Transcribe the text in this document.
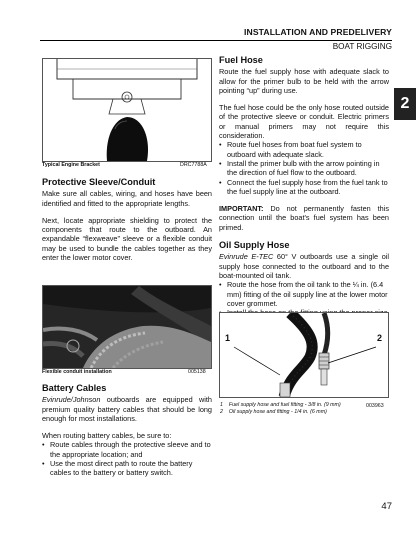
INSTALLATION AND PREDELIVERY
BOAT RIGGING
2
Typical Engine Bracket	DRC7788A
Protective Sleeve/Conduit

Make sure all cables, wiring, and hoses have been identified and fitted to the appropriate lengths.

Next, locate appropriate shielding to protect the components that route to the outboard. An expandable “flexweave” sleeve or a flexible conduit may be used to bundle the cables together as they enter the lower motor cover.

Flexible conduit installation	005138
Battery Cables

Evinrude/Johnson outboards are equipped with premium quality battery cables that should be long enough for most installations.

When routing battery cables, be sure to:

• Route cables through the protective sleeve and to the appropriate location; and
• Use the most direct path to route the battery cables to the battery or battery switch.
Fuel Hose

Route the fuel supply hose with adequate slack to allow for the primer bulb to be held with the arrow pointing “up” during use.

The fuel hose could be the only hose routed outside of the protective sleeve or conduit. Electric primers or manual primers may not require this consideration.

• Route fuel hoses from boat fuel system to outboard with adequate slack.
• Install the primer bulb with the arrow pointing in the direction of fuel flow to the outboard.
• Connect the fuel supply hose from the fuel tank to the fuel supply line at the outboard.

IMPORTANT: Do not permanently fasten this connection until the boat's fuel system has been primed.

Oil Supply Hose

Evinrude E-TEC 60° V outboards use a single oil supply hose connected to the outboard and to the boat-mounted oil tank.

• Route the hose from the oil tank to the ¼ in. (6.4 mm) fitting of the oil supply line at the lower motor cover grommet.
•
1	2
003963
1    Fuel supply hose and fuel fitting - 3/8 in. (9 mm)
2    Oil supply hose and fitting - 1/4 in. (6 mm)
47
